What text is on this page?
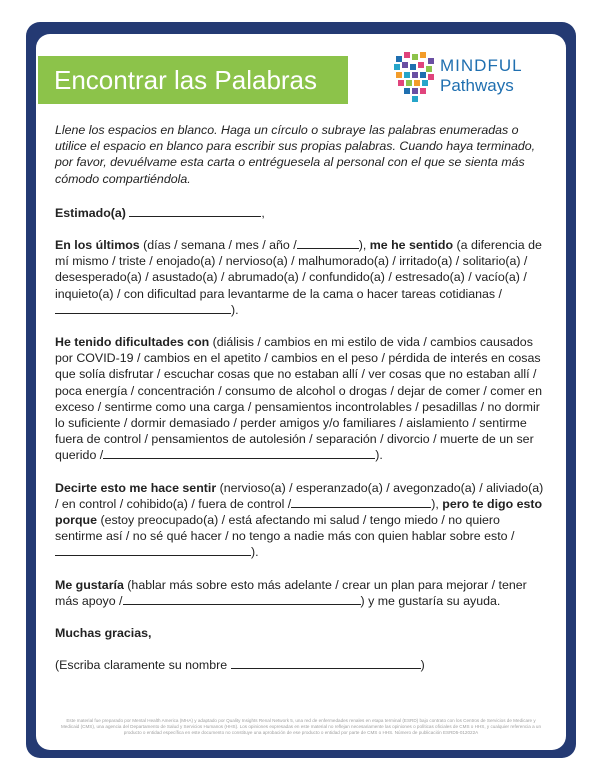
Encontrar las Palabras	MINDFUL
Pathways

Llene los espacios en blanco. Haga un círculo o subraye las palabras enumeradas o utilice el espacio en blanco para escribir sus propias palabras. Cuando haya terminado, por favor, devuélvame esta carta o entréguesela al personal con el que se sienta más cómodo compartiéndola.

Estimado(a)	,

En los últimos (días / semana / mes / año /	), me he sentido (a diferencia de mí mismo / triste / enojado(a) / nervioso(a) / malhumorado(a) / irritado(a) / solitario(a) / desesperado(a) / asustado(a) / abrumado(a) / confundido(a) / estresado(a) / vacío(a) / inquieto(a) / con dificultad para levantarme de la cama o hacer tareas cotidianas /).

He tenido dificultades con (diálisis / cambios en mi estilo de vida / cambios causados por COVID-19 / cambios en el apetito / cambios en el peso / pérdida de interés en cosas que solía disfrutar / escuchar cosas que no estaban allí / ver cosas que no estaban allí / poca energía / concentración / consumo de alcohol o drogas / dejar de comer / comer en exceso / sentirme como una carga / pensamientos incontrolables / pesadillas / no dormir lo suficiente / dormir demasiado / perder amigos y/o familiares / aislamiento / sentirme fuera de control / pensamientos de autolesión / separación / divorcio / muerte de un ser querido /	).

Decirte esto me hace sentir (nervioso(a) / esperanzado(a) / avegonzado(a) / aliviado(a) / en control / cohibido(a) / fuera de control /	), pero te digo esto porque (estoy preocupado(a) / está afectando mi salud / tengo miedo / no quiero sentirme así / no sé qué hacer / no tengo a nadie más con quien hablar sobre esto /).

Me gustaría (hablar más sobre esto más adelante / crear un plan para mejorar / tener más apoyo /	) y me gustaría su ayuda.

Muchas gracias,

(Escriba claramente su nombre	)

Este material fue preparado por Mental Health America (MHA) y adaptado por Quality Insights Renal Network 5, una red de enfermedades renales en etapa terminal (ESRD) bajo contrato con los Centros de Servicios de Medicare y Medicaid (CMS), una agencia del Departamento de Salud y Servicios Humanos (HHS). Los opiniones expresadas en este material no reflejan necesariamente las opiniones o políticas oficiales de CMS o HHS, y cualquier referencia a un producto o entidad específica en este documento no constituye una aprobación de ese producto o entidad por parte de CMS o HHS. Número de publicación ESRD5-012022A
